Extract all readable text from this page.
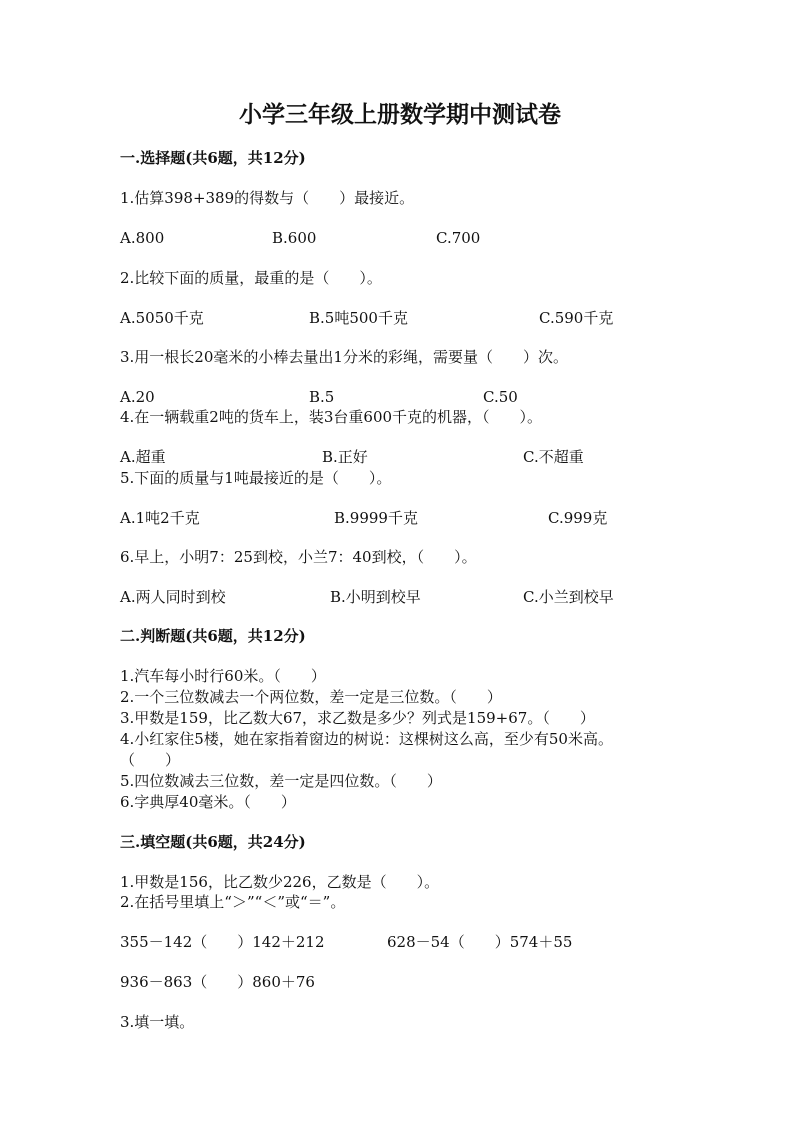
小学三年级上册数学期中测试卷
一.选择题(共6题，共12分)
1.估算398+389的得数与（　　）最接近。
A.800	B.600	C.700
2.比较下面的质量，最重的是（　　）。
A.5050千克	B.5吨500千克	C.590千克
3.用一根长20毫米的小棒去量出1分米的彩绳，需要量（　　）次。
A.20	B.5	C.50
4.在一辆载重2吨的货车上，装3台重600千克的机器，（　　）。
A.超重	B.正好	C.不超重
5.下面的质量与1吨最接近的是（　　）。
A.1吨2千克	B.9999千克	C.999克
6.早上，小明7：25到校，小兰7：40到校，（　　）。
A.两人同时到校	B.小明到校早	C.小兰到校早
二.判断题(共6题，共12分)
1.汽车每小时行60米。（　　）
2.一个三位数减去一个两位数，差一定是三位数。（　　）
3.甲数是159，比乙数大67，求乙数是多少？列式是159+67。（　　）
4.小红家住5楼，她在家指着窗边的树说：这棵树这么高，至少有50米高。
（　　）
5.四位数减去三位数，差一定是四位数。（　　）
6.字典厚40毫米。（　　）
三.填空题(共6题，共24分)
1.甲数是156，比乙数少226，乙数是（　　）。
2.在括号里填上“＞”“＜”或“＝”。
355－142（　　）142＋212	628－54（　　）574＋55
936－863（　　）860＋76
3.填一填。
